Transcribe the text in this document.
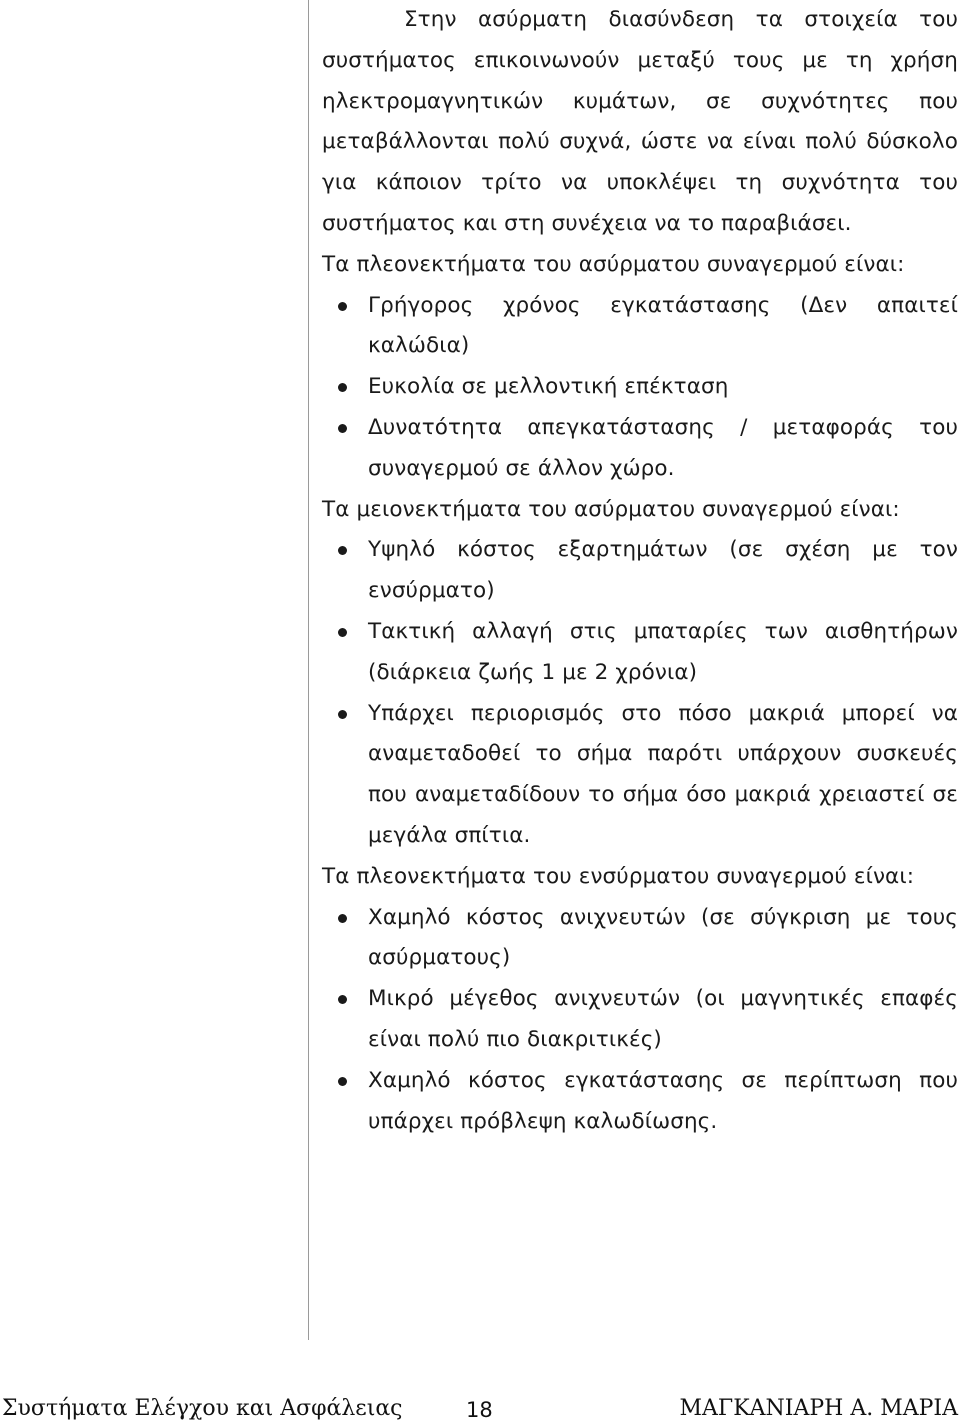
Στην ασύρματη διασύνδεση τα στοιχεία του συστήματος επικοινωνούν μεταξύ τους με τη χρήση ηλεκτρομαγνητικών κυμάτων, σε συχνότητες που μεταβάλλονται πολύ συχνά, ώστε να είναι πολύ δύσκολο για κάποιον τρίτο να υποκλέψει τη συχνότητα του συστήματος και στη συνέχεια να το παραβιάσει.

Τα πλεονεκτήματα του ασύρματου συναγερμού είναι:

Γρήγορος χρόνος εγκατάστασης (Δεν απαιτεί καλώδια)
Ευκολία σε μελλοντική επέκταση
Δυνατότητα απεγκατάστασης / μεταφοράς του συναγερμού σε άλλον χώρο.

Τα μειονεκτήματα του ασύρματου συναγερμού είναι:

Υψηλό κόστος εξαρτημάτων (σε σχέση με τον ενσύρματο)
Τακτική αλλαγή στις μπαταρίες των αισθητήρων (διάρκεια ζωής 1 με 2 χρόνια)
Υπάρχει περιορισμός στο πόσο μακριά μπορεί να αναμεταδοθεί το σήμα παρότι υπάρχουν συσκευές που αναμεταδίδουν το σήμα όσο μακριά χρειαστεί σε μεγάλα σπίτια.

Τα πλεονεκτήματα του ενσύρματου συναγερμού είναι:

Χαμηλό κόστος ανιχνευτών (σε σύγκριση με τους ασύρματους)
Μικρό μέγεθος ανιχνευτών (οι μαγνητικές επαφές είναι πολύ πιο διακριτικές)
Χαμηλό κόστος εγκατάστασης σε περίπτωση που υπάρχει πρόβλεψη καλωδίωσης.
Συστήματα Ελέγχου και Ασφάλειας	18	ΜΑΓΚΑΝΙΑΡΗ Α. ΜΑΡΙΑ
